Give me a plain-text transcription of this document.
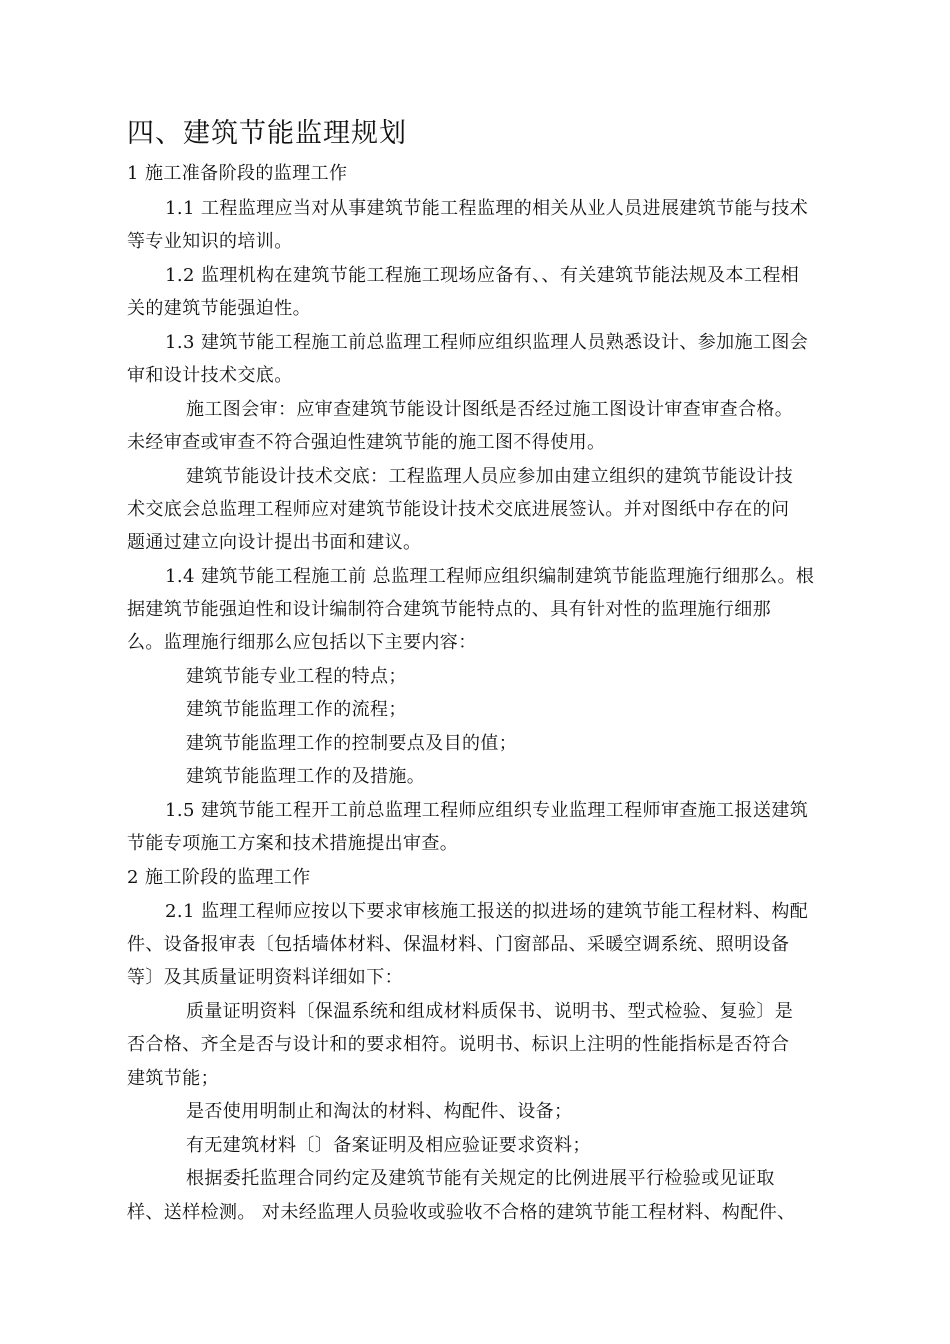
四、建筑节能监理规划
1 施工准备阶段的监理工作
1.1 工程监理应当对从事建筑节能工程监理的相关从业人员进展建筑节能与技术
等专业知识的培训。
1.2 监理机构在建筑节能工程施工现场应备有、、有关建筑节能法规及本工程相
关的建筑节能强迫性。
1.3 建筑节能工程施工前总监理工程师应组织监理人员熟悉设计、参加施工图会
审和设计技术交底。
施工图会审：应审查建筑节能设计图纸是否经过施工图设计审查审查合格。
未经审查或审查不符合强迫性建筑节能的施工图不得使用。
建筑节能设计技术交底：工程监理人员应参加由建立组织的建筑节能设计技
术交底会总监理工程师应对建筑节能设计技术交底进展签认。并对图纸中存在的问
题通过建立向设计提出书面和建议。
1.4 建筑节能工程施工前 总监理工程师应组织编制建筑节能监理施行细那么。根
据建筑节能强迫性和设计编制符合建筑节能特点的、具有针对性的监理施行细那
么。监理施行细那么应包括以下主要内容：
建筑节能专业工程的特点；
建筑节能监理工作的流程；
建筑节能监理工作的控制要点及目的值；
建筑节能监理工作的及措施。
1.5 建筑节能工程开工前总监理工程师应组织专业监理工程师审查施工报送建筑
节能专项施工方案和技术措施提出审查。
2 施工阶段的监理工作
2.1 监理工程师应按以下要求审核施工报送的拟进场的建筑节能工程材料、构配
件、设备报审表〔包括墙体材料、保温材料、门窗部品、采暖空调系统、照明设备
等〕及其质量证明资料详细如下：
质量证明资料〔保温系统和组成材料质保书、说明书、型式检验、复验〕是
否合格、齐全是否与设计和的要求相符。说明书、标识上注明的性能指标是否符合
建筑节能；
是否使用明制止和淘汰的材料、构配件、设备；
有无建筑材料〔〕备案证明及相应验证要求资料；
根据委托监理合同约定及建筑节能有关规定的比例进展平行检验或见证取
样、送样检测。 对未经监理人员验收或验收不合格的建筑节能工程材料、构配件、
